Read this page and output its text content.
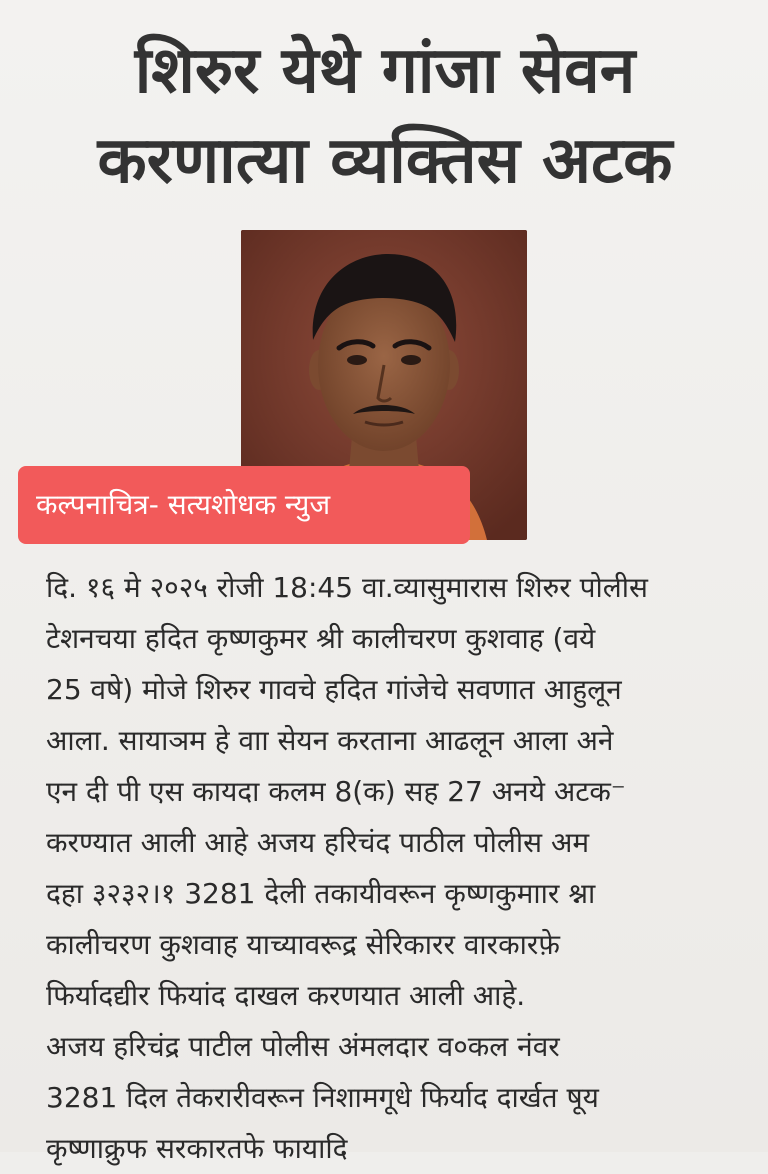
शिरुर येथे गांजा सेवन
करणात्या व्यक्तिस अटक
कल्पनाचित्र- सत्यशोधक न्युज
दि. १६ मे २०२५ रोजी 18:45 वा.व्यासुमारास शिरुर पोलीस
टेशनचया हदित कृष्णकुमर श्री कालीचरण कुशवाह (वये
25 वषे) मोजे शिरुर गावचे हदित गांजेचे सवणात आहुलून
आला. सायाञम हे वाा सेयन करताना आढलून आला अने
एन दी पी एस कायदा कलम 8(क) सह 27 अनये अटक⁻
करण्यात आली आहे अजय हरिचंद पाठील पोलीस अम
दहा ३२३२।१ 3281 देली तकायीवरून कृष्णकुमाार श्ना
कालीचरण कुशवाह याच्यावरूद्र सेरिकारर वारकारफ़े
फिर्यादद्यीर फियांद दाखल करणयात आली आहे.
अजय हरिचंद्र पाटील पोलीस अंमलदार व०कल नंवर
3281 दिल तेकरारीवरून निशामगूधे फिर्याद दार्खत षूय
कृष्णाक्रुफ सरकारतफे फायादि
